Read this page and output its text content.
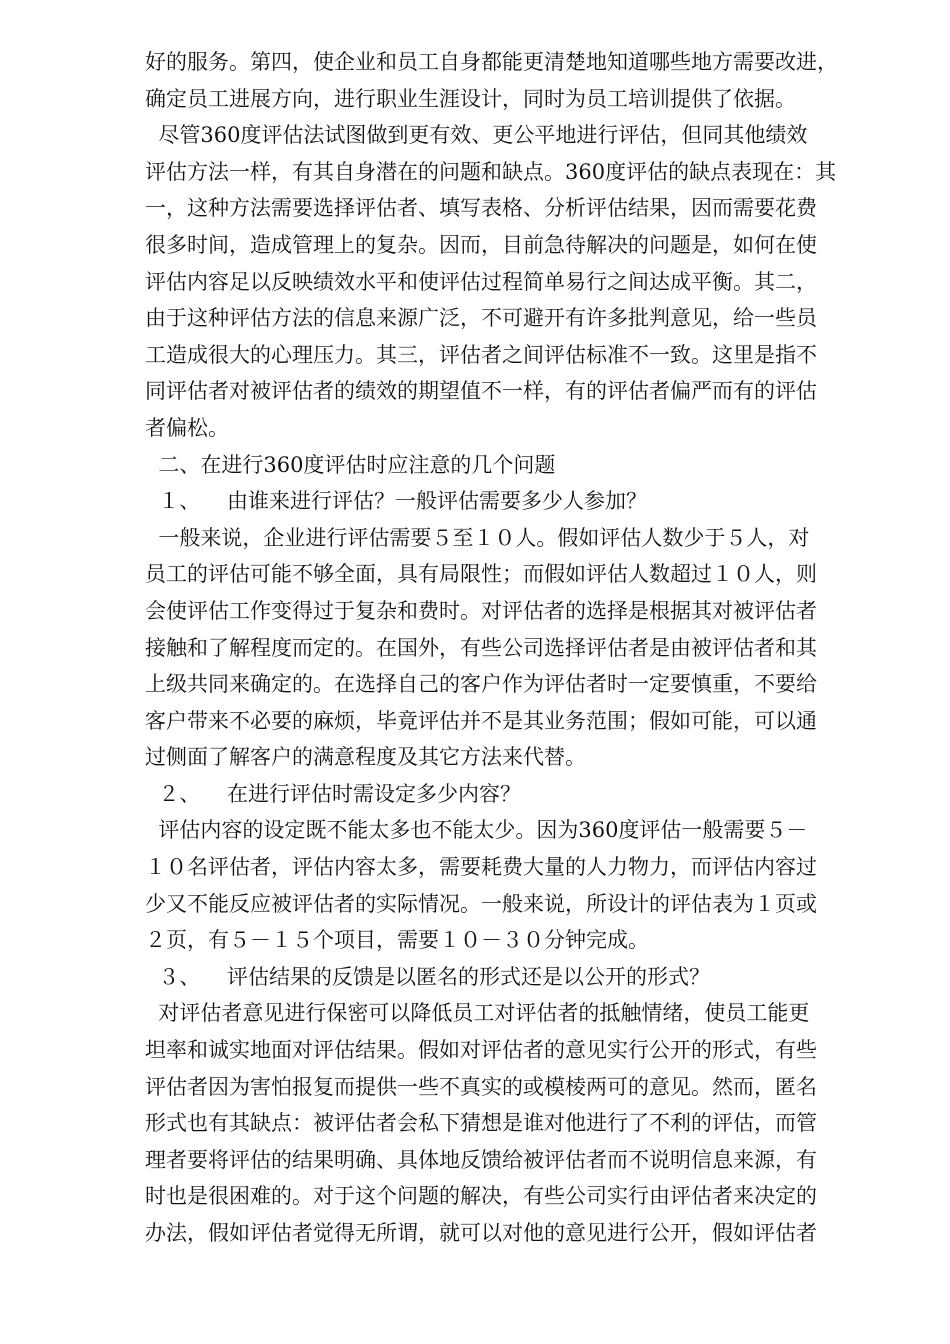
好的服务。第四，使企业和员工自身都能更清楚地知道哪些地方需要改进，
确定员工进展方向，进行职业生涯设计，同时为员工培训提供了依据。
尽管360度评估法试图做到更有效、更公平地进行评估，但同其他绩效
评估方法一样，有其自身潜在的问题和缺点。360度评估的缺点表现在：其
一，这种方法需要选择评估者、填写表格、分析评估结果，因而需要花费
很多时间，造成管理上的复杂。因而，目前急待解决的问题是，如何在使
评估内容足以反映绩效水平和使评估过程简单易行之间达成平衡。其二，
由于这种评估方法的信息来源广泛，不可避开有许多批判意见，给一些员
工造成很大的心理压力。其三，评估者之间评估标准不一致。这里是指不
同评估者对被评估者的绩效的期望值不一样，有的评估者偏严而有的评估
者偏松。
二、在进行360度评估时应注意的几个问题
１、    由谁来进行评估？一般评估需要多少人参加？
一般来说，企业进行评估需要５至１０人。假如评估人数少于５人，对
员工的评估可能不够全面，具有局限性；而假如评估人数超过１０人，则
会使评估工作变得过于复杂和费时。对评估者的选择是根据其对被评估者
接触和了解程度而定的。在国外，有些公司选择评估者是由被评估者和其
上级共同来确定的。在选择自己的客户作为评估者时一定要慎重，不要给
客户带来不必要的麻烦，毕竟评估并不是其业务范围；假如可能，可以通
过侧面了解客户的满意程度及其它方法来代替。
２、    在进行评估时需设定多少内容？
评估内容的设定既不能太多也不能太少。因为360度评估一般需要５－
１０名评估者，评估内容太多，需要耗费大量的人力物力，而评估内容过
少又不能反应被评估者的实际情况。一般来说，所设计的评估表为１页或
２页，有５－１５个项目，需要１０－３０分钟完成。
３、    评估结果的反馈是以匿名的形式还是以公开的形式？
对评估者意见进行保密可以降低员工对评估者的抵触情绪，使员工能更
坦率和诚实地面对评估结果。假如对评估者的意见实行公开的形式，有些
评估者因为害怕报复而提供一些不真实的或模棱两可的意见。然而，匿名
形式也有其缺点：被评估者会私下猜想是谁对他进行了不利的评估，而管
理者要将评估的结果明确、具体地反馈给被评估者而不说明信息来源，有
时也是很困难的。对于这个问题的解决，有些公司实行由评估者来决定的
办法，假如评估者觉得无所谓，就可以对他的意见进行公开，假如评估者
